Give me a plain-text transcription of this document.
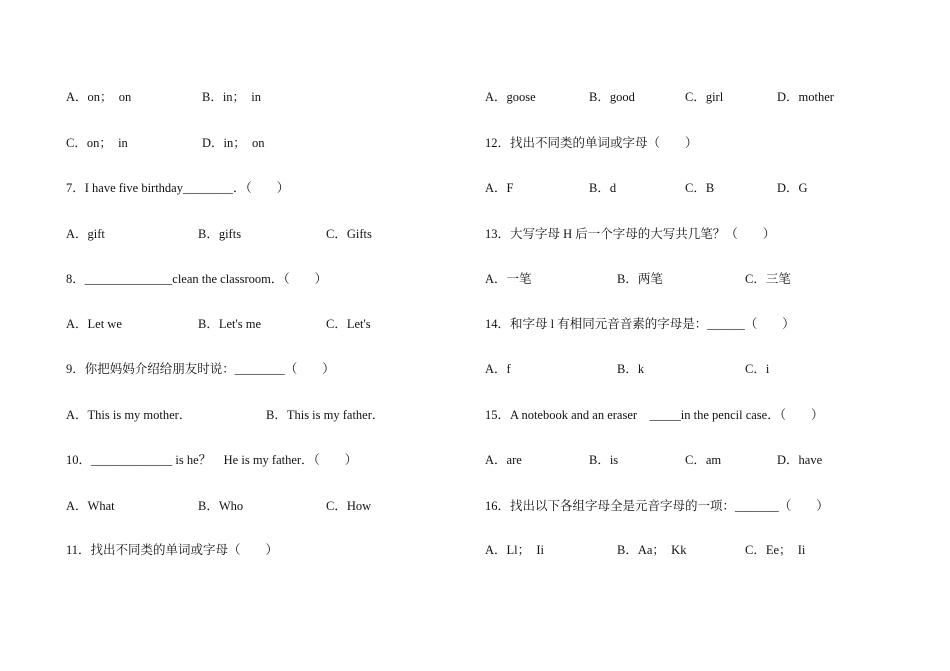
A．on；　on	B．in；　in
C．on；　in	D．in；　on
7．I have five birthday________．（　　）
A．gift	B．gifts	C．Gifts
8．______________clean the classroom．（　　）
A．Let we	B．Let's me	C．Let's
9．你把妈妈介绍给朋友时说：________（　　）
A．This is my mother．	B．This is my father．
10．_____________ is he？　He is my father．（　　）
A．What	B．Who	C．How
11．找出不同类的单词或字母（　　）
A．goose	B．good	C．girl	D．mother
12．找出不同类的单词或字母（　　）
A．F	B．d	C．B	D．G
13．大写字母 H 后一个字母的大写共几笔？（　　）
A．一笔	B．两笔	C．三笔
14．和字母 l 有相同元音音素的字母是：______（　　）
A．f	B．k	C．i
15．A notebook and an eraser　_____in the pencil case．（　　）
A．are	B．is	C．am	D．have
16．找出以下各组字母全是元音字母的一项：_______（　　）
A．Ll；　Ii	B．Aa；　Kk	C．Ee；　Ii
